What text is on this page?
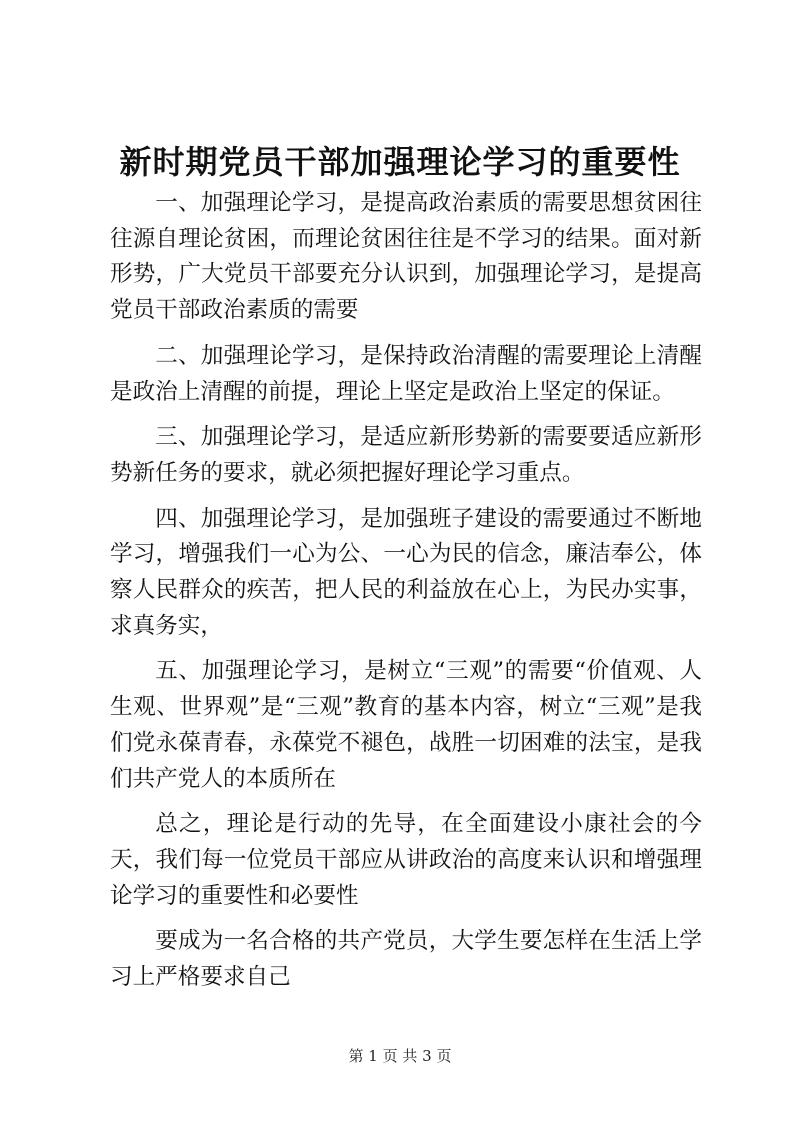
新时期党员干部加强理论学习的重要性

一、加强理论学习，是提高政治素质的需要思想贫困往往源自理论贫困，而理论贫困往往是不学习的结果。面对新形势，广大党员干部要充分认识到，加强理论学习，是提高党员干部政治素质的需要

二、加强理论学习，是保持政治清醒的需要理论上清醒是政治上清醒的前提，理论上坚定是政治上坚定的保证。

三、加强理论学习，是适应新形势新的需要要适应新形势新任务的要求，就必须把握好理论学习重点。

四、加强理论学习，是加强班子建设的需要通过不断地学习，增强我们一心为公、一心为民的信念，廉洁奉公，体察人民群众的疾苦，把人民的利益放在心上，为民办实事，求真务实，

五、加强理论学习，是树立“三观”的需要“价值观、人生观、世界观”是“三观”教育的基本内容，树立“三观”是我们党永葆青春，永葆党不褪色，战胜一切困难的法宝，是我们共产党人的本质所在

总之，理论是行动的先导，在全面建设小康社会的今天，我们每一位党员干部应从讲政治的高度来认识和增强理论学习的重要性和必要性

要成为一名合格的共产党员，大学生要怎样在生活上学习上严格要求自己

第 1 页 共 3 页
